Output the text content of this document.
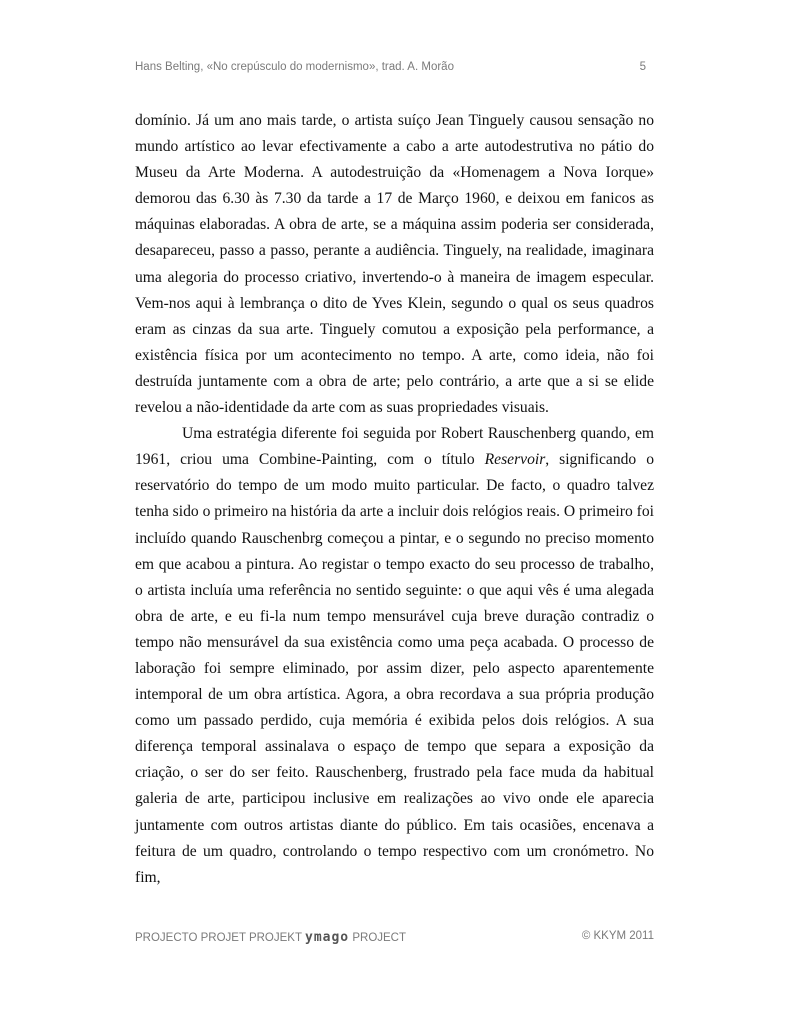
Hans Belting, «No crepúsculo do modernismo», trad. A. Morão	5

domínio. Já um ano mais tarde, o artista suíço Jean Tinguely causou sensação no mundo artístico ao levar efectivamente a cabo a arte autodestrutiva no pátio do Museu da Arte Moderna. A autodestruição da «Homenagem a Nova Iorque» demorou das 6.30 às 7.30 da tarde a 17 de Março 1960, e deixou em fanicos as máquinas elaboradas. A obra de arte, se a máquina assim poderia ser considerada, desapareceu, passo a passo, perante a audiência. Tinguely, na realidade, imaginara uma alegoria do processo criativo, invertendo-o à maneira de imagem especular. Vem-nos aqui à lembrança o dito de Yves Klein, segundo o qual os seus quadros eram as cinzas da sua arte. Tinguely comutou a exposição pela performance, a existência física por um acontecimento no tempo. A arte, como ideia, não foi destruída juntamente com a obra de arte; pelo contrário, a arte que a si se elide revelou a não-identidade da arte com as suas propriedades visuais.

Uma estratégia diferente foi seguida por Robert Rauschenberg quando, em 1961, criou uma Combine-Painting, com o título Reservoir, significando o reservatório do tempo de um modo muito particular. De facto, o quadro talvez tenha sido o primeiro na história da arte a incluir dois relógios reais. O primeiro foi incluído quando Rauschenbrg começou a pintar, e o segundo no preciso momento em que acabou a pintura. Ao registar o tempo exacto do seu processo de trabalho, o artista incluía uma referência no sentido seguinte: o que aqui vês é uma alegada obra de arte, e eu fi-la num tempo mensurável cuja breve duração contradiz o tempo não mensurável da sua existência como uma peça acabada. O processo de laboração foi sempre eliminado, por assim dizer, pelo aspecto aparentemente intemporal de um obra artística. Agora, a obra recordava a sua própria produção como um passado perdido, cuja memória é exibida pelos dois relógios. A sua diferença temporal assinalava o espaço de tempo que separa a exposição da criação, o ser do ser feito. Rauschenberg, frustrado pela face muda da habitual galeria de arte, participou inclusive em realizações ao vivo onde ele aparecia juntamente com outros artistas diante do público. Em tais ocasiões, encenava a feitura de um quadro, controlando o tempo respectivo com um cronómetro. No fim,

PROJECTO PROJET PROJEKT ymago PROJECT	© KKYM 2011
